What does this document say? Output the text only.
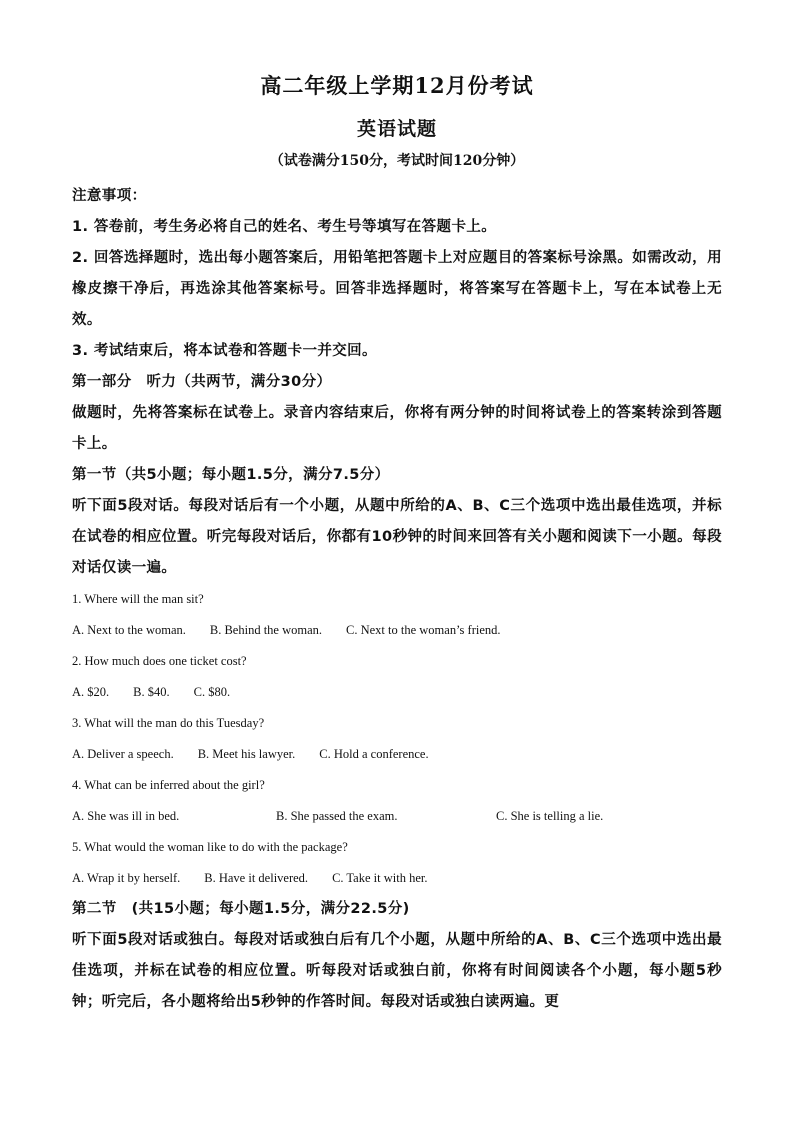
高二年级上学期12月份考试
英语试题
（试卷满分150分，考试时间120分钟）

注意事项：

1. 答卷前，考生务必将自己的姓名、考生号等填写在答题卡上。

2. 回答选择题时，选出每小题答案后，用铅笔把答题卡上对应题目的答案标号涂黑。如需改动，用橡皮擦干净后，再选涂其他答案标号。回答非选择题时，将答案写在答题卡上，写在本试卷上无效。

3. 考试结束后，将本试卷和答题卡一并交回。

第一部分　听力（共两节，满分30分）

做题时，先将答案标在试卷上。录音内容结束后，你将有两分钟的时间将试卷上的答案转涂到答题卡上。

第一节（共5小题；每小题1.5分，满分7.5分）

听下面5段对话。每段对话后有一个小题，从题中所给的A、B、C三个选项中选出最佳选项，并标在试卷的相应位置。听完每段对话后，你都有10秒钟的时间来回答有关小题和阅读下一小题。每段对话仅读一遍。

1. Where will the man sit?

A. Next to the woman. B. Behind the woman. C. Next to the woman’s friend.

2. How much does one ticket cost?

A. $20. B. $40. C. $80.

3. What will the man do this Tuesday?

A. Deliver a speech. B. Meet his lawyer. C. Hold a conference.

4. What can be inferred about the girl?

A. She was ill in bed.	B. She passed the exam.	C. She is telling a lie.

5. What would the woman like to do with the package?

A. Wrap it by herself. B. Have it delivered. C. Take it with her.

第二节　(共15小题；每小题1.5分，满分22.5分)

听下面5段对话或独白。每段对话或独白后有几个小题，从题中所给的A、B、C三个选项中选出最佳选项，并标在试卷的相应位置。听每段对话或独白前，你将有时间阅读各个小题，每小题5秒钟；听完后，各小题将给出5秒钟的作答时间。每段对话或独白读两遍。更
